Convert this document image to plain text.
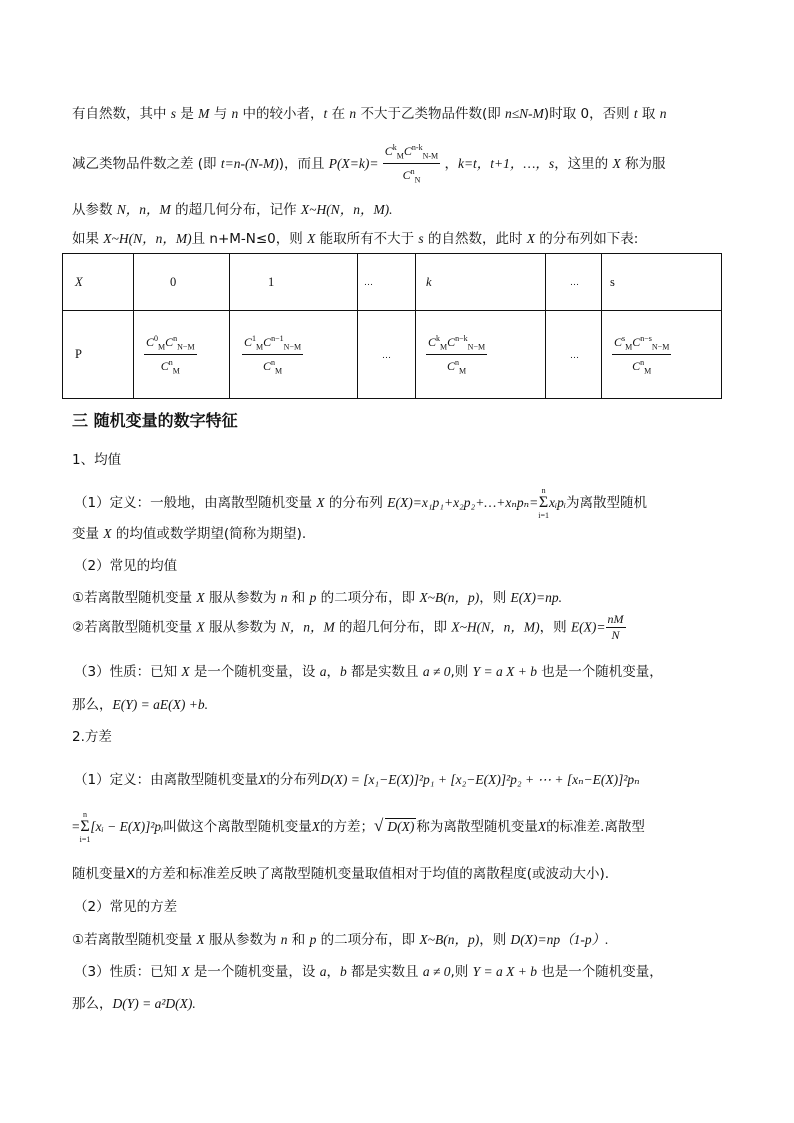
有自然数，其中 s 是 M 与 n 中的较小者，t 在 n 不大于乙类物品件数(即 n≤N-M)时取 0，否则 t 取 n
减乙类物品件数之差 (即 t=n-(N-M))，而且 $P(X=k)= \frac{C^k_MC^{n-k}_{N-M}}{C^n_N}$ ，k=t，t+1，…，s，这里的 X 称为服
从参数 N，n，M 的超几何分布，记作 X~H(N，n，M).
如果 X~H(N，n，M)且 n+M-N≤0，则 X 能取所有不大于 s 的自然数，此时 X 的分布列如下表:
X	0	1	…	k	…	s
P	$\frac{C^0_MC^n_{N-M}}{C^n_M}$	$\frac{C^1_MC^{n-1}_{N-M}}{C^n_M}$	…	$\frac{C^k_MC^{n-k}_{N-M}}{C^n_M}$	…	$\frac{C^s_MC^{n-s}_{N-M}}{C^n_M}$
三 随机变量的数字特征
1、均值
（1）定义：一般地，由离散型随机变量 X 的分布列 E(X)=x₁p₁+x₂p₂+…+xₙpₙ=
n
Σ
i=1
xᵢpᵢ为离散型随机
变量 X 的均值或数学期望(简称为期望).
（2）常见的均值
①若离散型随机变量 X 服从参数为 n 和 p 的二项分布，即 X~B(n，p)，则 E(X)=np.
②若离散型随机变量 X 服从参数为 N，n，M 的超几何分布，即 X~H(N，n，M)，则 $E(X)= \frac{nM}{N}$
（3）性质：已知 X 是一个随机变量，设 a，b 都是实数且 a ≠ 0,则 Y = a X + b 也是一个随机变量，
那么，E(Y) = aE(X) +b.
2.方差
（1）定义：由离散型随机变量X的分布列D(X) = [x₁−E(X)]²p₁ + [x₂−E(X)]²p₂ + ⋯ + [xₙ−E(X)]²pₙ
=
n
Σ
i=1
[xᵢ − E(X)]²pᵢ叫做这个离散型随机变量X的方差；√ D(X) 称为离散型随机变量X的标准差.离散型
随机变量X的方差和标准差反映了离散型随机变量取值相对于均值的离散程度(或波动大小).
（2）常见的方差
①若离散型随机变量 X 服从参数为 n 和 p 的二项分布，即 X~B(n，p)，则 D(X)=np（1-p）.
（3）性质：已知 X 是一个随机变量，设 a，b 都是实数且 a ≠ 0,则 Y = a X + b 也是一个随机变量，
那么，D(Y) = a²D(X).
